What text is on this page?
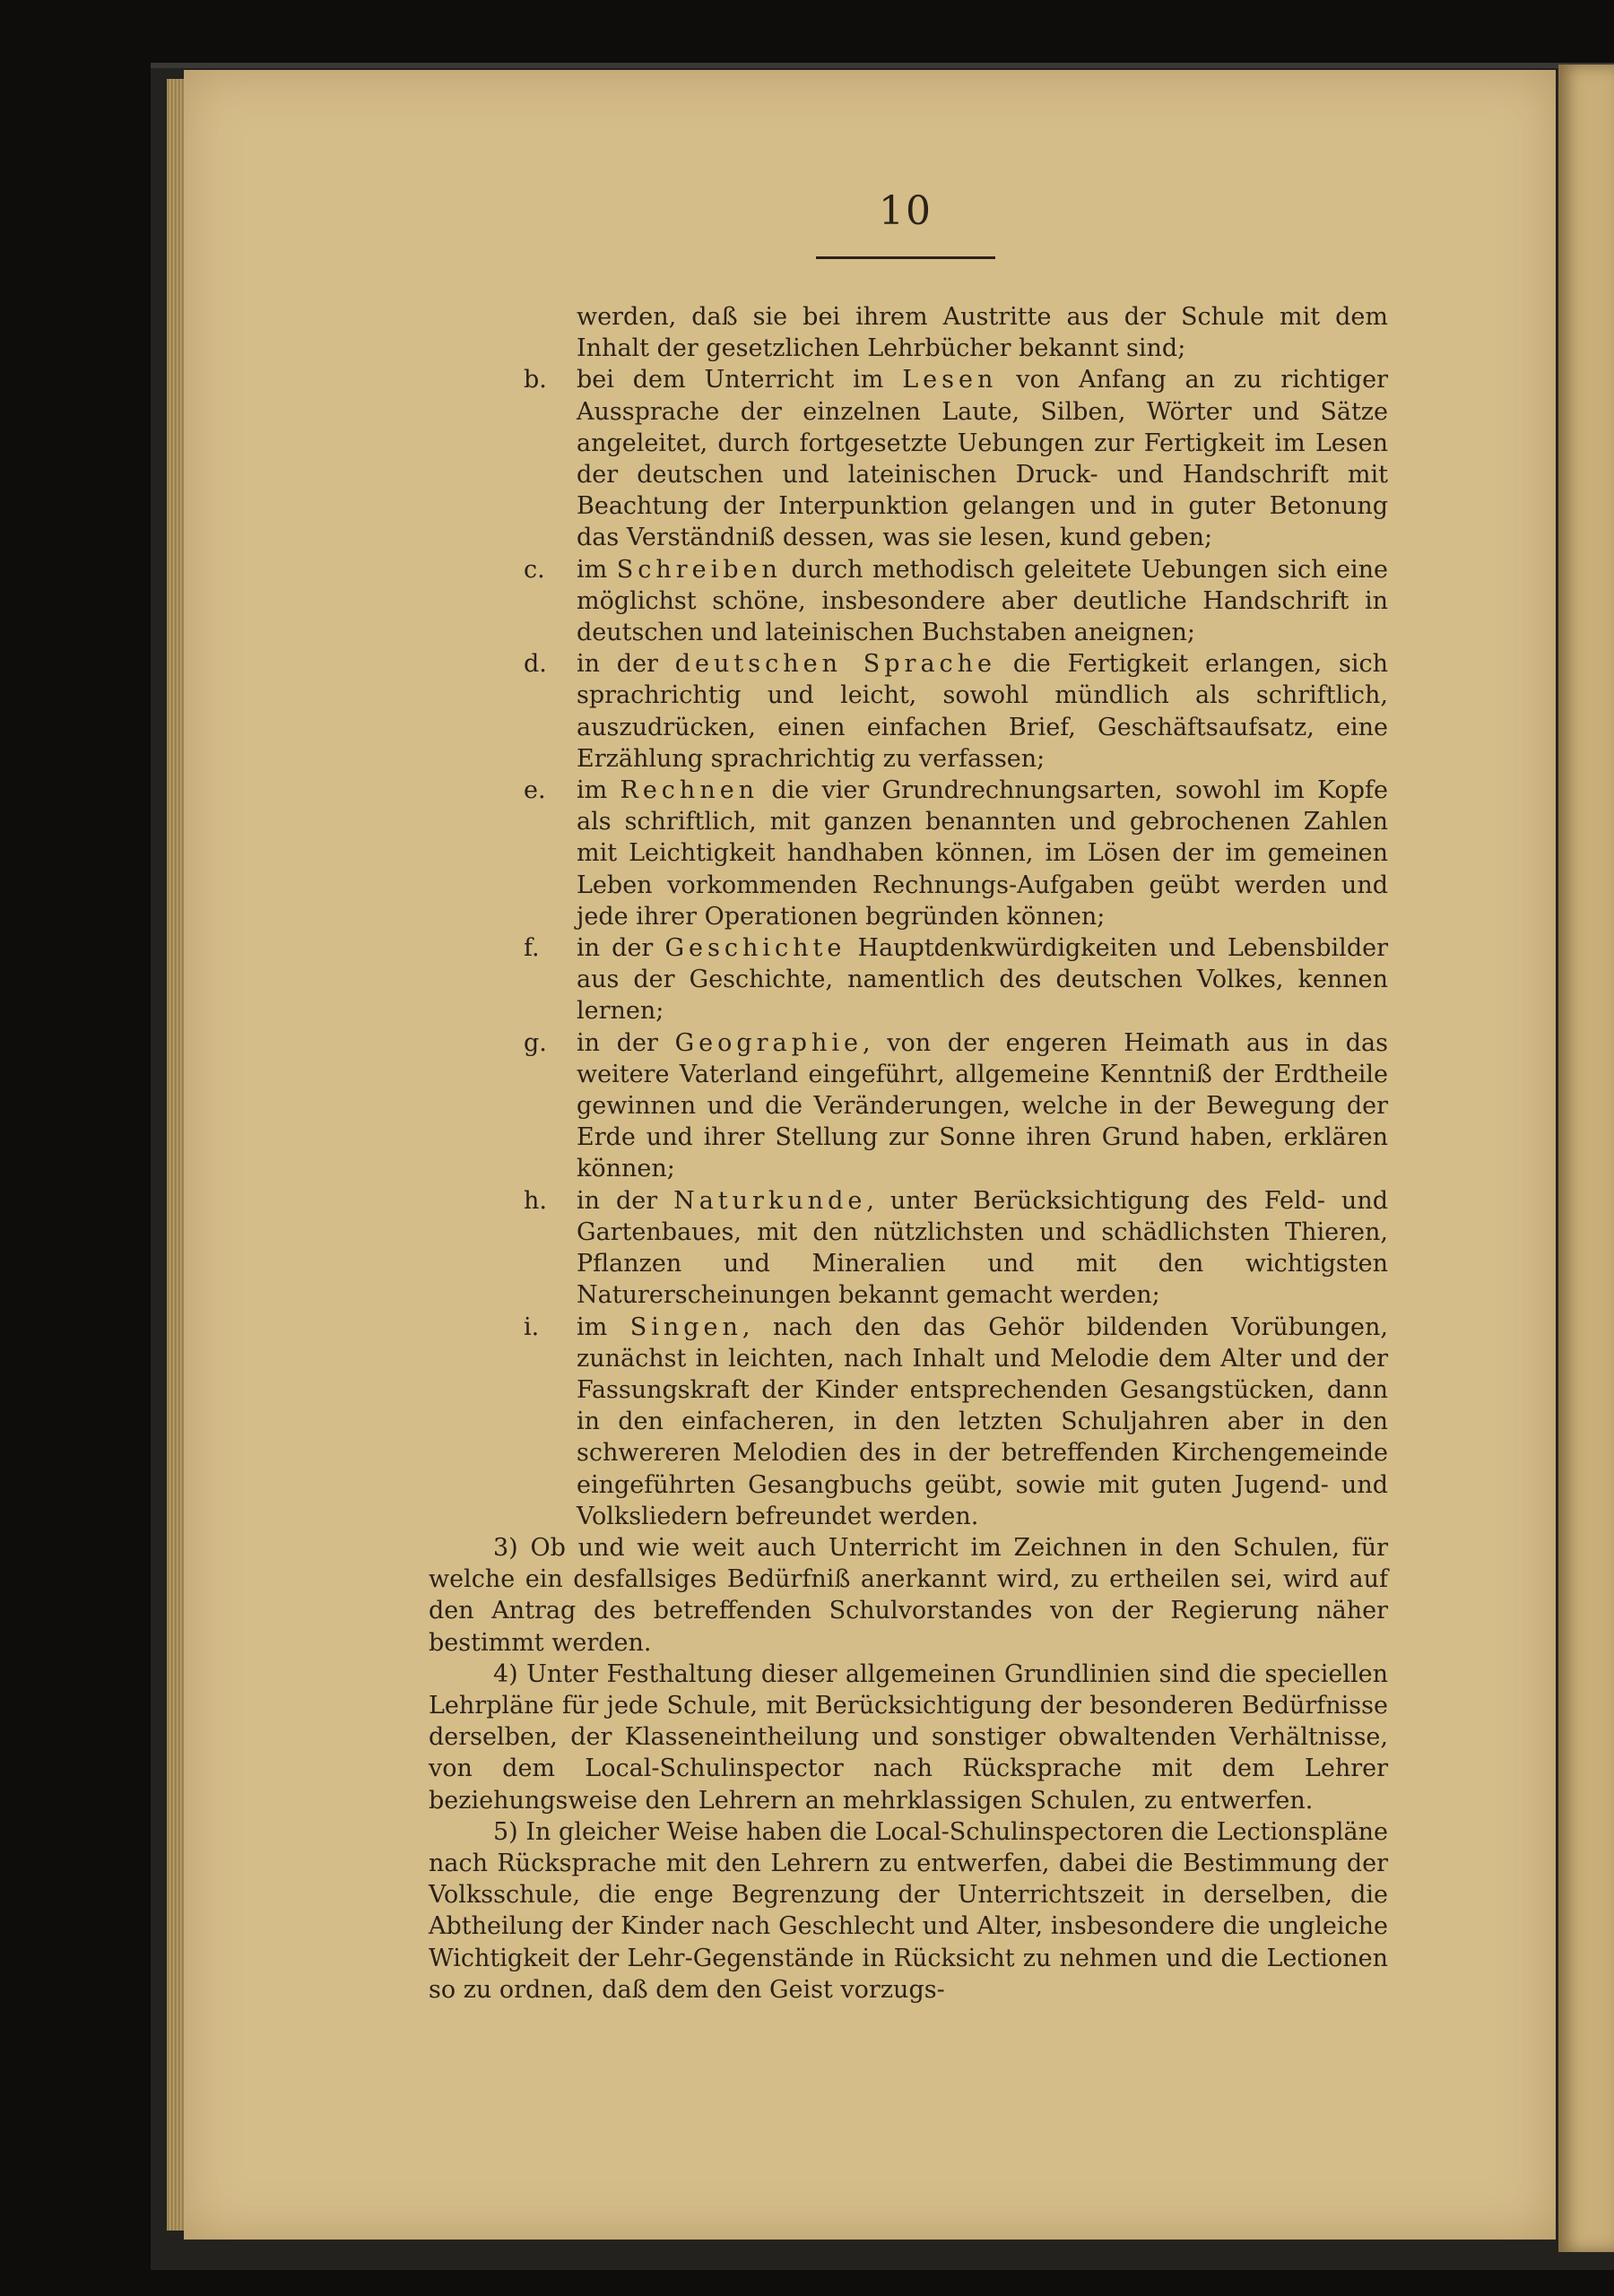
10

werden, daß sie bei ihrem Austritte aus der Schule mit dem Inhalt der gesetzlichen Lehrbücher bekannt sind;

b. bei dem Unterricht im Lesen von Anfang an zu richtiger Aussprache der einzelnen Laute, Silben, Wörter und Sätze angeleitet, durch fortgesetzte Uebungen zur Fertigkeit im Lesen der deutschen und lateinischen Druck- und Handschrift mit Beachtung der Interpunktion gelangen und in guter Betonung das Verständniß dessen, was sie lesen, kund geben;

c. im Schreiben durch methodisch geleitete Uebungen sich eine möglichst schöne, insbesondere aber deutliche Handschrift in deutschen und lateinischen Buchstaben aneignen;

d. in der deutschen Sprache die Fertigkeit erlangen, sich sprachrichtig und leicht, sowohl mündlich als schriftlich, auszudrücken, einen einfachen Brief, Geschäftsaufsatz, eine Erzählung sprachrichtig zu verfassen;

e. im Rechnen die vier Grundrechnungsarten, sowohl im Kopfe als schriftlich, mit ganzen benannten und gebrochenen Zahlen mit Leichtigkeit handhaben können, im Lösen der im gemeinen Leben vorkommenden Rechnungs-Aufgaben geübt werden und jede ihrer Operationen begründen können;

f. in der Geschichte Hauptdenkwürdigkeiten und Lebensbilder aus der Geschichte, namentlich des deutschen Volkes, kennen lernen;

g. in der Geographie, von der engeren Heimath aus in das weitere Vaterland eingeführt, allgemeine Kenntniß der Erdtheile gewinnen und die Veränderungen, welche in der Bewegung der Erde und ihrer Stellung zur Sonne ihren Grund haben, erklären können;

h. in der Naturkunde, unter Berücksichtigung des Feld- und Gartenbaues, mit den nützlichsten und schädlichsten Thieren, Pflanzen und Mineralien und mit den wichtigsten Naturerscheinungen bekannt gemacht werden;

i. im Singen, nach den das Gehör bildenden Vorübungen, zunächst in leichten, nach Inhalt und Melodie dem Alter und der Fassungskraft der Kinder entsprechenden Gesangstücken, dann in den einfacheren, in den letzten Schuljahren aber in den schwereren Melodien des in der betreffenden Kirchengemeinde eingeführten Gesangbuchs geübt, sowie mit guten Jugend- und Volksliedern befreundet werden.

3) Ob und wie weit auch Unterricht im Zeichnen in den Schulen, für welche ein desfallsiges Bedürfniß anerkannt wird, zu ertheilen sei, wird auf den Antrag des betreffenden Schulvorstandes von der Regierung näher bestimmt werden.

4) Unter Festhaltung dieser allgemeinen Grundlinien sind die speciellen Lehrpläne für jede Schule, mit Berücksichtigung der besonderen Bedürfnisse derselben, der Klasseneintheilung und sonstiger obwaltenden Verhältnisse, von dem Local-Schulinspector nach Rücksprache mit dem Lehrer beziehungsweise den Lehrern an mehrklassigen Schulen, zu entwerfen.

5) In gleicher Weise haben die Local-Schulinspectoren die Lectionspläne nach Rücksprache mit den Lehrern zu entwerfen, dabei die Bestimmung der Volksschule, die enge Begrenzung der Unterrichtszeit in derselben, die Abtheilung der Kinder nach Geschlecht und Alter, insbesondere die ungleiche Wichtigkeit der Lehr-Gegenstände in Rücksicht zu nehmen und die Lectionen so zu ordnen, daß dem den Geist vorzugs-
